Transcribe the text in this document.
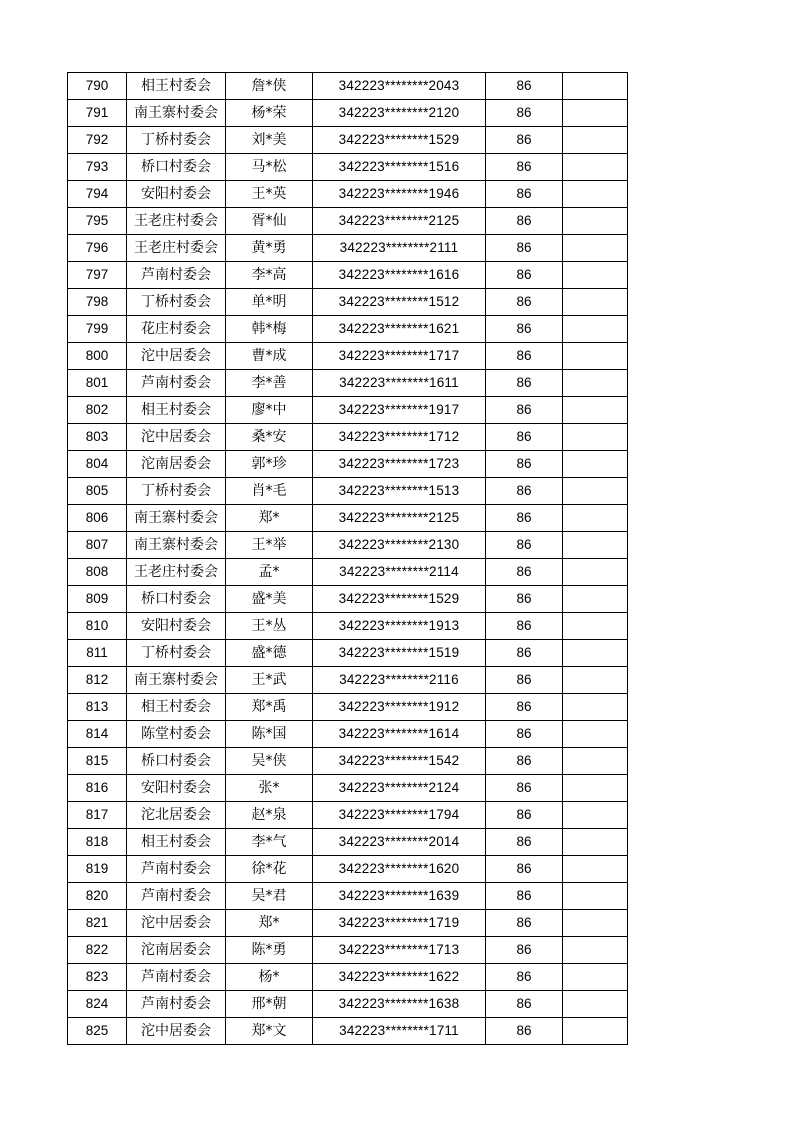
790	相王村委会	詹*侠	342223********2043	86	
791	南王寨村委会	杨*荣	342223********2120	86	
792	丁桥村委会	刘*美	342223********1529	86	
793	桥口村委会	马*松	342223********1516	86	
794	安阳村委会	王*英	342223********1946	86	
795	王老庄村委会	胥*仙	342223********2125	86	
796	王老庄村委会	黄*勇	342223********2111	86	
797	芦南村委会	李*高	342223********1616	86	
798	丁桥村委会	单*明	342223********1512	86	
799	花庄村委会	韩*梅	342223********1621	86	
800	沱中居委会	曹*成	342223********1717	86	
801	芦南村委会	李*善	342223********1611	86	
802	相王村委会	廖*中	342223********1917	86	
803	沱中居委会	桑*安	342223********1712	86	
804	沱南居委会	郭*珍	342223********1723	86	
805	丁桥村委会	肖*毛	342223********1513	86	
806	南王寨村委会	郑*	342223********2125	86	
807	南王寨村委会	王*举	342223********2130	86	
808	王老庄村委会	孟*	342223********2114	86	
809	桥口村委会	盛*美	342223********1529	86	
810	安阳村委会	王*丛	342223********1913	86	
811	丁桥村委会	盛*德	342223********1519	86	
812	南王寨村委会	王*武	342223********2116	86	
813	相王村委会	郑*禹	342223********1912	86	
814	陈堂村委会	陈*国	342223********1614	86	
815	桥口村委会	吴*侠	342223********1542	86	
816	安阳村委会	张*	342223********2124	86	
817	沱北居委会	赵*泉	342223********1794	86	
818	相王村委会	李*气	342223********2014	86	
819	芦南村委会	徐*花	342223********1620	86	
820	芦南村委会	吴*君	342223********1639	86	
821	沱中居委会	郑*	342223********1719	86	
822	沱南居委会	陈*勇	342223********1713	86	
823	芦南村委会	杨*	342223********1622	86	
824	芦南村委会	邢*朝	342223********1638	86	
825	沱中居委会	郑*文	342223********1711	86	
